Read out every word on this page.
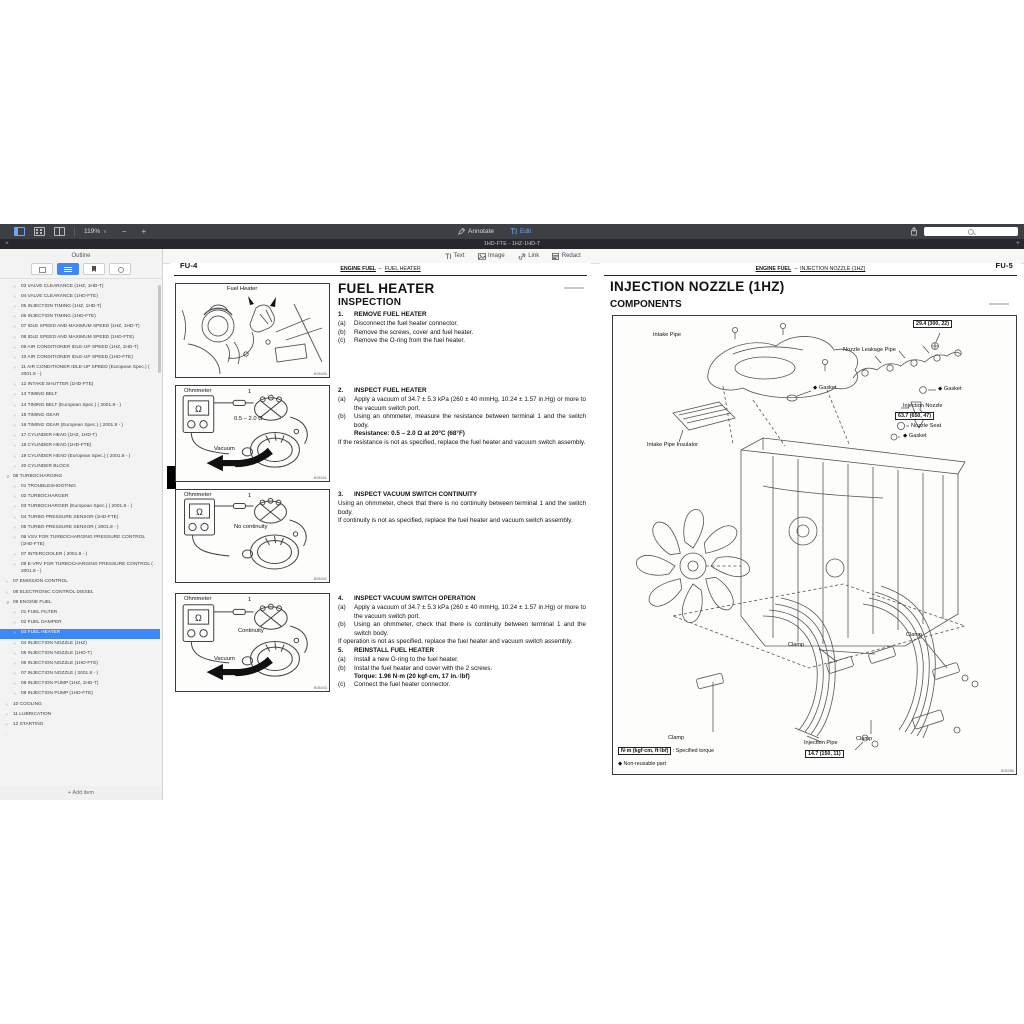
Ω
119% ∨ − +	Annotate	Edit
×	1HD-FTE - 1HZ-1HD-T	+
Outline
›	03 VALVE CLEARANCE (1HZ, 1HD-T)
›	04 VALVE CLEARANCE (1HD-FTE)
›	05 INJECTION TIMING (1HZ, 1HD-T)
›	06 INJECTION TIMING (1HD-FTE)
›	07 IDLE SPEED AND MAXIMUM SPEED (1HZ, 1HD-T)
›	08 IDLE SPEED AND MAXIMUM SPEED (1HD-FTE)
›	09 AIR CONDITIONER IDLE-UP SPEED (1HZ, 1HD-T)
›	10 AIR CONDITIONER IDLE-UP SPEED (1HD-FTE)
›	11 AIR CONDITIONER IDLE-UP SPEED (European Spec.) ( 2001.8 - )
›	12 INTAKE SHUTTER (1HD-FTE)
›	13 TIMING BELT
›	14 TIMING BELT (European Spec.) ( 2001.8 - )
›	15 TIMING GEAR
›	16 TIMING GEAR (European Spec.) ( 2001.8 - )
›	17 CYLINDER HEAD (1HZ, 1HD-T)
›	18 CYLINDER HEAD (1HD-FTE)
›	19 CYLINDER HEAD (European Spec.) ( 2001.8 - )
›	20 CYLINDER BLOCK
∨ 06 TURBOCHARGING
›	01 TROUBLESHOOTING
›	02 TURBOCHARGER
›	03 TURBOCHARGER (European Spec.) ( 2001.8 - )
›	04 TURBO PRESSURE SENSOR (1HD-FTE)
›	05 TURBO PRESSURE SENSOR ( 2001.8 - )
›	06 VSV FOR TURBOCHARGING PRESSURE CONTROL (1HD-FTE)
›	07 INTERCOOLER ( 2001.8 - )
›	08 E-VRV FOR TURBOCHARGING PRESSURE CONTROL ( 2001.8 - )
›	07 EMISSION CONTROL
›	08 ELECTRONIC CONTROL DIESEL
∨ 09 ENGINE FUEL
›	01 FUEL FILTER
›	02 FUEL DAMPER
›	03 FUEL HEATER
›	04 INJECTION NOZZLE (1HZ)
›	05 INJECTION NOZZLE (1HD-T)
›	06 INJECTION NOZZLE (1HD-FTE)
›	07 INJECTION NOZZLE ( 2001.8 - )
›	08 INJECTION PUMP (1HZ, 1HD-T)
›	09 INJECTION PUMP (1HD-FTE)
›	10 COOLING
›	11 LUBRICATION
›	12 STARTING
›
+ Add item
Text	Image	Link	Redact
FU-4	ENGINE FUEL – FUEL HEATER
Fuel Heater
B05400
Ohmmeter	1
0.5 – 2.0 Ω
Vacuum
B05401
Ohmmeter	1
No continuity
B05402
Ohmmeter	1
Continuity
Vacuum
B05403
FUEL HEATER
INSPECTION
1.	REMOVE FUEL HEATER
(a)	Disconnect the fuel heater connector.
(b)	Remove the screws, cover and fuel heater.
(c)	Remove the O-ring from the fuel heater.
2.	INSPECT FUEL HEATER
(a)	Apply a vacuum of 34.7 ± 5.3 kPa (260 ± 40 mmHg, 10.24 ± 1.57 in.Hg) or more to the vacuum switch port.
(b)	Using an ohmmeter, measure the resistance between terminal 1 and the switch body.
Resistance: 0.5 – 2.0 Ω at 20°C (68°F)
If the resistance is not as specified, replace the fuel heater and vacuum switch assembly.
3.	INSPECT VACUUM SWITCH CONTINUITY
Using an ohmmeter, check that there is no continuity between terminal 1 and the switch body.
If continuity is not as specified, replace the fuel heater and vacuum switch assembly.
4.	INSPECT VACUUM SWITCH OPERATION
(a)	Apply a vacuum of 34.7 ± 5.3 kPa (260 ± 40 mmHg, 10.24 ± 1.57 in.Hg) or more to the vacuum switch port.
(b)	Using an ohmmeter, check that there is continuity between terminal 1 and the switch body.
If operation is not as specified, replace the fuel heater and vacuum switch assembly.
5.	REINSTALL FUEL HEATER
(a)	Install a new O-ring to the fuel heater.
(b)	Instal the fuel heater and cover with the 2 screws.
Torque: 1.96 N·m (20 kgf·cm, 17 in.·lbf)
(c)	Connect the fuel heater connector.
FU-5
ENGINE FUEL – INJECTION NOZZLE (1HZ)
INJECTION NOZZLE (1HZ)
COMPONENTS
29.4 (300, 22)
Intake Pipe
Nozzle Leakage Pipe
◆ Gasket	◆ Gasket
Injection Nozzle
63.7 (650, 47)
Nozzle Seat
◆ Gasket
Intake Pipe Insulator
Clamp
Clamp
Clamp	Clamp
Injection Pipe
14.7 (150, 11)
N·m (kgf·cm, ft·lbf) : Specified torque
◆ Non-reusable part
B05286
